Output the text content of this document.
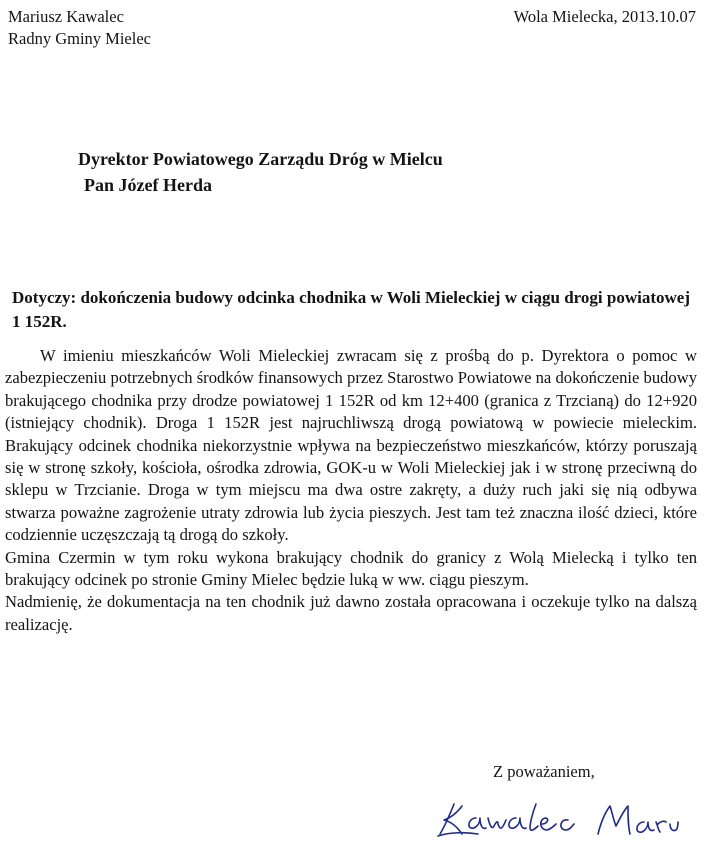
Mariusz Kawalec
Radny Gminy Mielec
Wola Mielecka, 2013.10.07
Dyrektor Powiatowego Zarządu Dróg w Mielcu
Pan Józef Herda
Dotyczy: dokończenia budowy odcinka chodnika w Woli Mieleckiej w ciągu drogi powiatowej 1 152R.

W imieniu mieszkańców Woli Mieleckiej zwracam się z prośbą do p. Dyrektora o pomoc w zabezpieczeniu potrzebnych środków finansowych przez Starostwo Powiatowe na dokończenie budowy brakującego chodnika przy drodze powiatowej 1 152R od km 12+400 (granica z Trzcianą) do 12+920 (istniejący chodnik). Droga 1 152R jest najruchliwszą drogą powiatową w powiecie mieleckim. Brakujący odcinek chodnika niekorzystnie wpływa na bezpieczeństwo mieszkańców, którzy poruszają się w stronę szkoły, kościoła, ośrodka zdrowia, GOK-u w Woli Mieleckiej jak i w stronę przeciwną do sklepu w Trzcianie. Droga w tym miejscu ma dwa ostre zakręty, a duży ruch jaki się nią odbywa stwarza poważne zagrożenie utraty zdrowia lub życia pieszych. Jest tam też znaczna ilość dzieci, które codziennie uczęszczają tą drogą do szkoły.

Gmina Czermin w tym roku wykona brakujący chodnik do granicy z Wolą Mielecką i tylko ten brakujący odcinek po stronie Gminy Mielec będzie luką w ww. ciągu pieszym.

Nadmienię, że dokumentacja na ten chodnik już dawno została opracowana i oczekuje tylko na dalszą realizację.

Z poważaniem,
